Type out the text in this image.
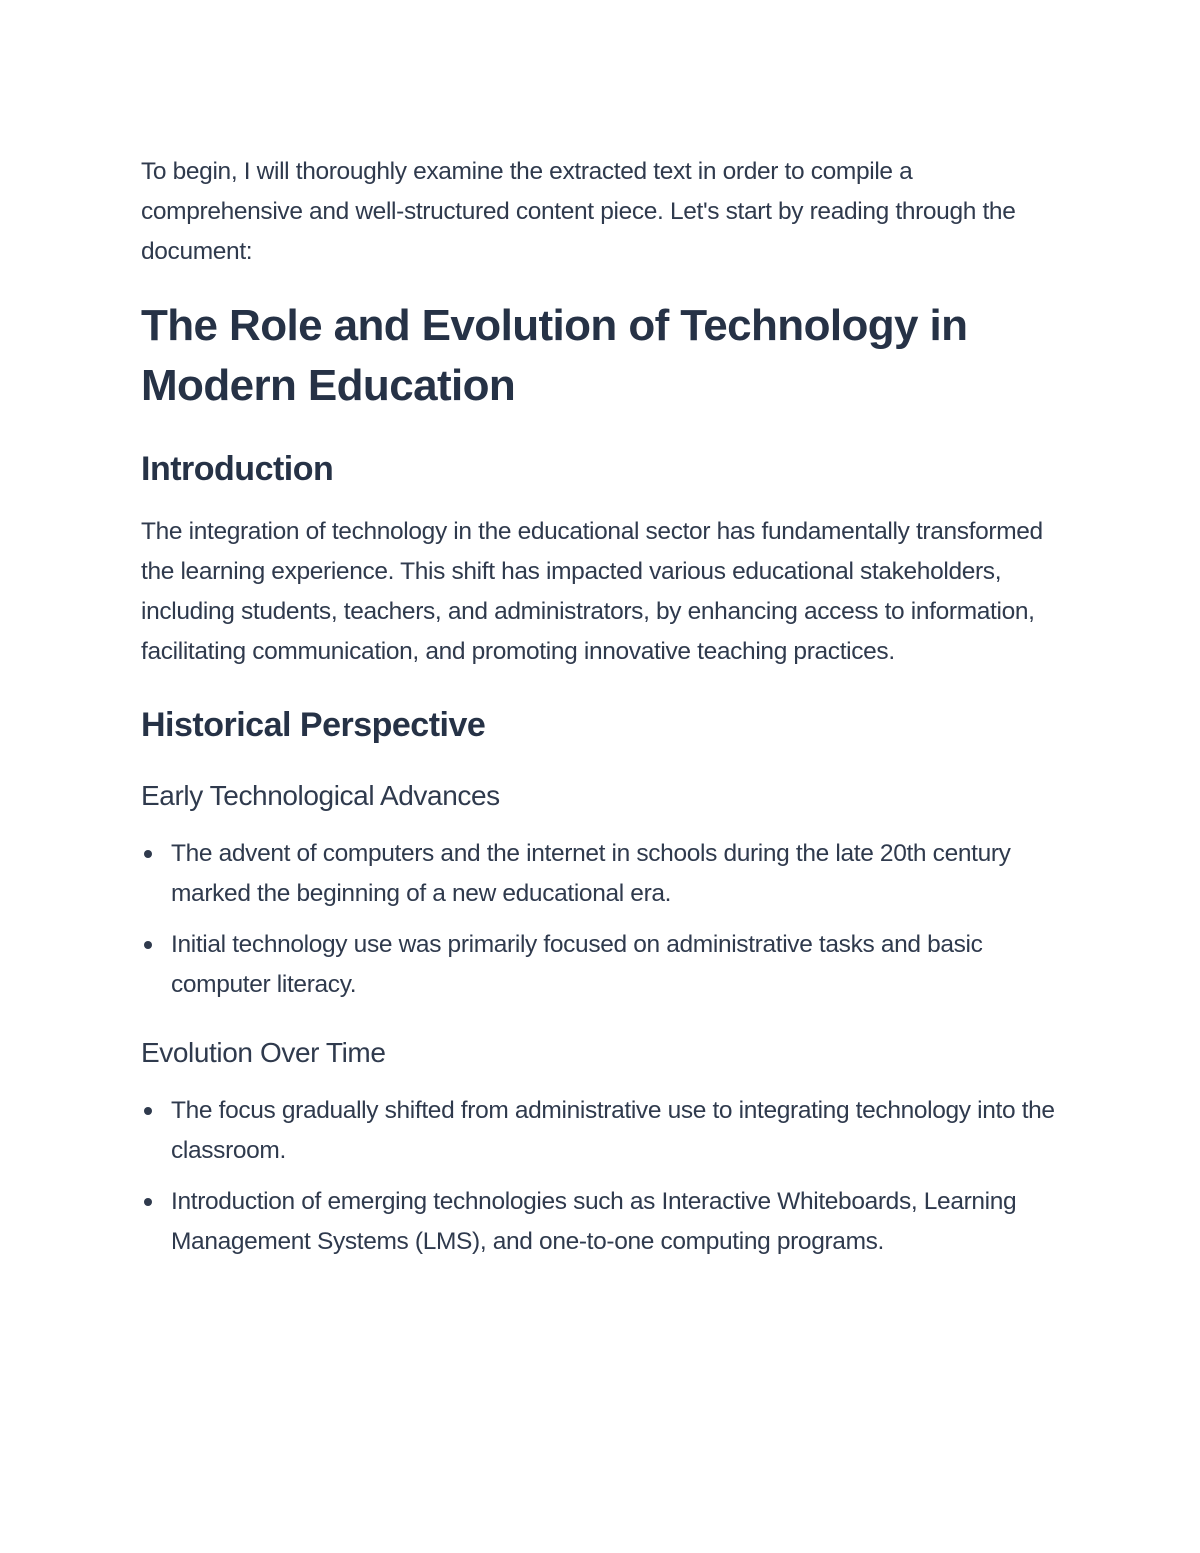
To begin, I will thoroughly examine the extracted text in order to compile a comprehensive and well-structured content piece. Let's start by reading through the document:

The Role and Evolution of Technology in Modern Education
Introduction

The integration of technology in the educational sector has fundamentally transformed the learning experience. This shift has impacted various educational stakeholders, including students, teachers, and administrators, by enhancing access to information, facilitating communication, and promoting innovative teaching practices.

Historical Perspective
Early Technological Advances
The advent of computers and the internet in schools during the late 20th century marked the beginning of a new educational era.
Initial technology use was primarily focused on administrative tasks and basic computer literacy.
Evolution Over Time
The focus gradually shifted from administrative use to integrating technology into the classroom.
Introduction of emerging technologies such as Interactive Whiteboards, Learning Management Systems (LMS), and one-to-one computing programs.
